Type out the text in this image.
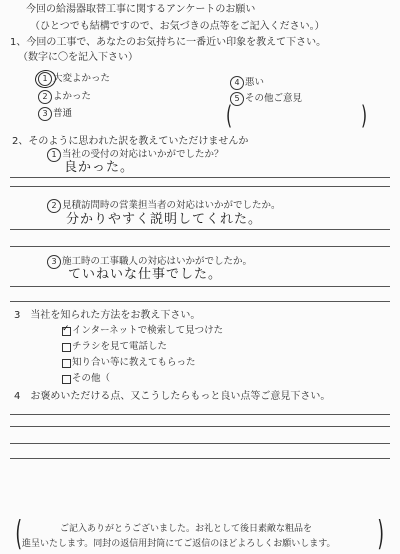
今回の給湯器取替工事に関するアンケートのお願い
（ひとつでも結構ですので、お気づきの点等をご記入ください。）
1、今回の工事で、あなたのお気持ちに一番近い印象を教えて下さい。
（数字に〇を記入下さい）
1 大変よかった
2 よかった
3 普通
4 悪い
5 その他ご意見
(	)
2、そのように思われた訳を教えていただけませんか
1 当社の受付の対応はいかがでしたか？
良かった。
2 見積訪問時の営業担当者の対応はいかがでしたか。
分かりやすく説明してくれた。
3 施工時の工事職人の対応はいかがでしたか。
ていねいな仕事でした。
3　当社を知られた方法をお教え下さい。
✓ インターネットで検索して見つけた
チラシを見て電話した
知り合い等に教えてもらった
その他（
4　お褒めいただける点、又こうしたらもっと良い点等ご意見下さい。
(	)
ご記入ありがとうございました。お礼として後日素敵な粗品を
進呈いたします。同封の返信用封筒にてご返信のほどよろしくお願いします。
